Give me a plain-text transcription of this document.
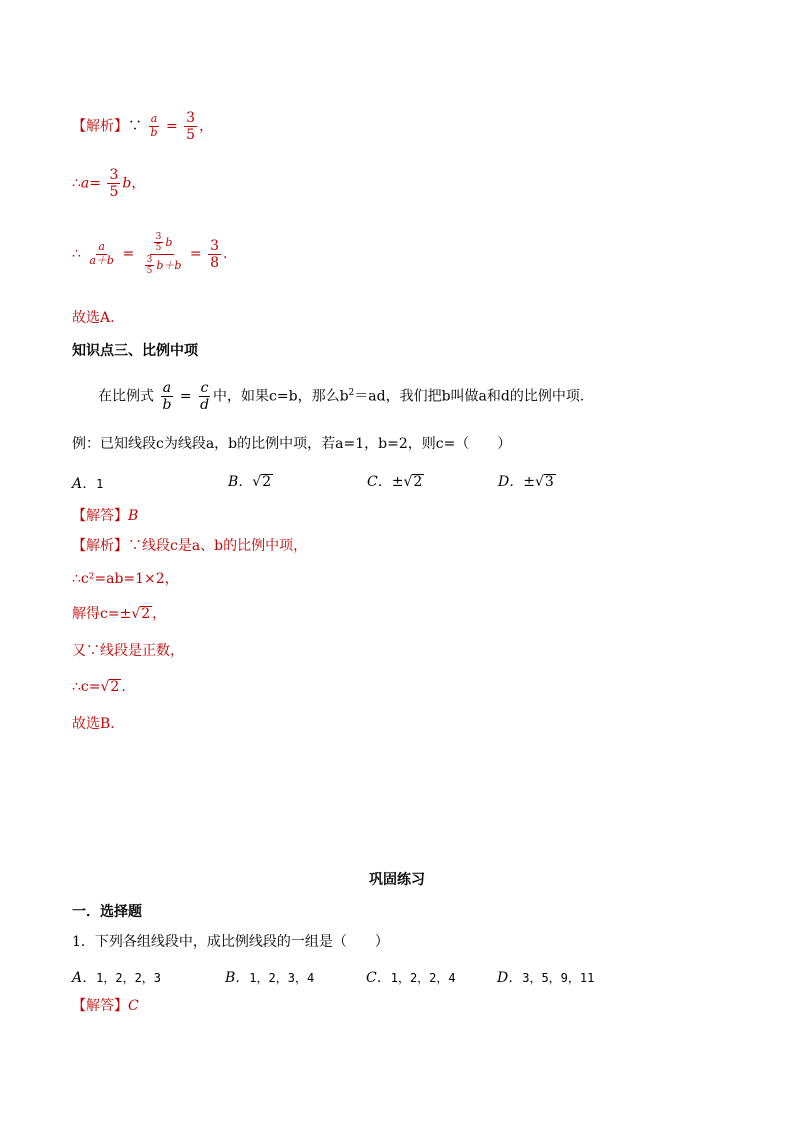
【解析】∵ $\frac{a}{b} = \frac{3}{5}$ ，
∴a= $\frac{3}{5}$ b，
∴ $\frac{a}{a+b} = \frac{\frac{3}{5} b}{\frac{3}{5} b+b} = \frac{3}{8}$ .
故选A.
知识点三、比例中项
在比例式 $\frac{a}{b} = \frac{c}{d}$ 中，如果c=b，那么$b^2=ad$，我们把b叫做a和d的比例中项.
例：已知线段c为线段a，b的比例中项，若a=1，b=2，则c=（　　）
A．1	B．√2	C．±√2	D．±√3
【解答】B
【解析】∵线段c是a、b的比例中项，
∴c²=ab=1×2，
解得c=±√2 ，
又∵线段是正数，
∴c=√2 .
故选B.
巩固练习
一．选择题
1．下列各组线段中，成比例线段的一组是（　　）
A．1，2，2，3	B．1，2，3，4	C．1，2，2，4	D．3，5，9，11
【解答】C
